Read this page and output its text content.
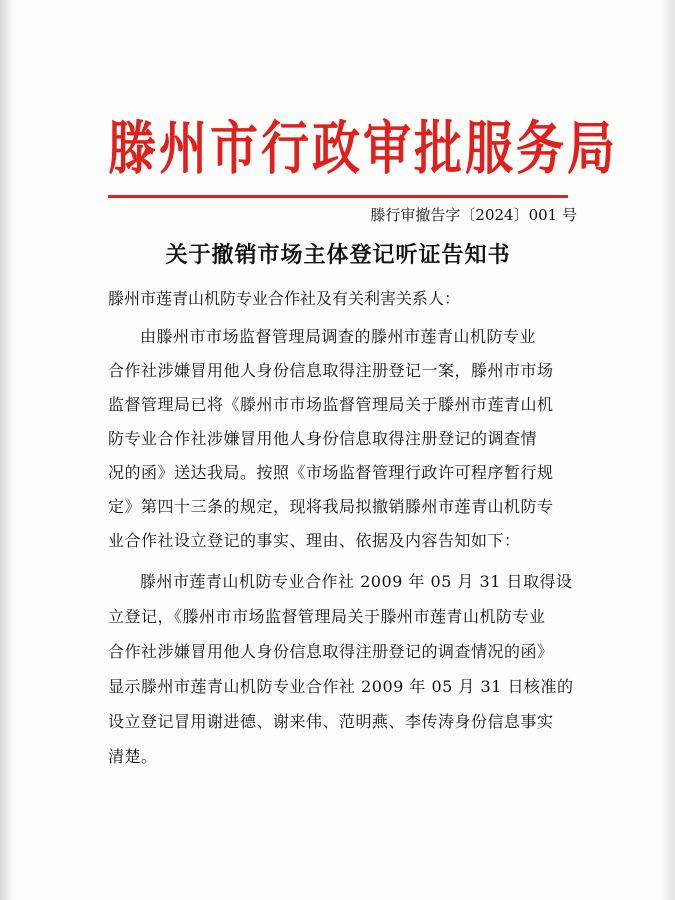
滕州市行政审批服务局
滕行审撤告字〔2024〕001 号
关于撤销市场主体登记听证告知书

滕州市莲青山机防专业合作社及有关利害关系人：

由滕州市市场监督管理局调查的滕州市莲青山机防专业
合作社涉嫌冒用他人身份信息取得注册登记一案，滕州市市场
监督管理局已将《滕州市市场监督管理局关于滕州市莲青山机
防专业合作社涉嫌冒用他人身份信息取得注册登记的调查情
况的函》送达我局。按照《市场监督管理行政许可程序暂行规
定》第四十三条的规定，现将我局拟撤销滕州市莲青山机防专
业合作社设立登记的事实、理由、依据及内容告知如下：
滕州市莲青山机防专业合作社 2009 年 05 月 31 日取得设
立登记，《滕州市市场监督管理局关于滕州市莲青山机防专业
合作社涉嫌冒用他人身份信息取得注册登记的调查情况的函》
显示滕州市莲青山机防专业合作社 2009 年 05 月 31 日核准的
设立登记冒用谢进德、谢来伟、范明燕、李传涛身份信息事实
清楚。
